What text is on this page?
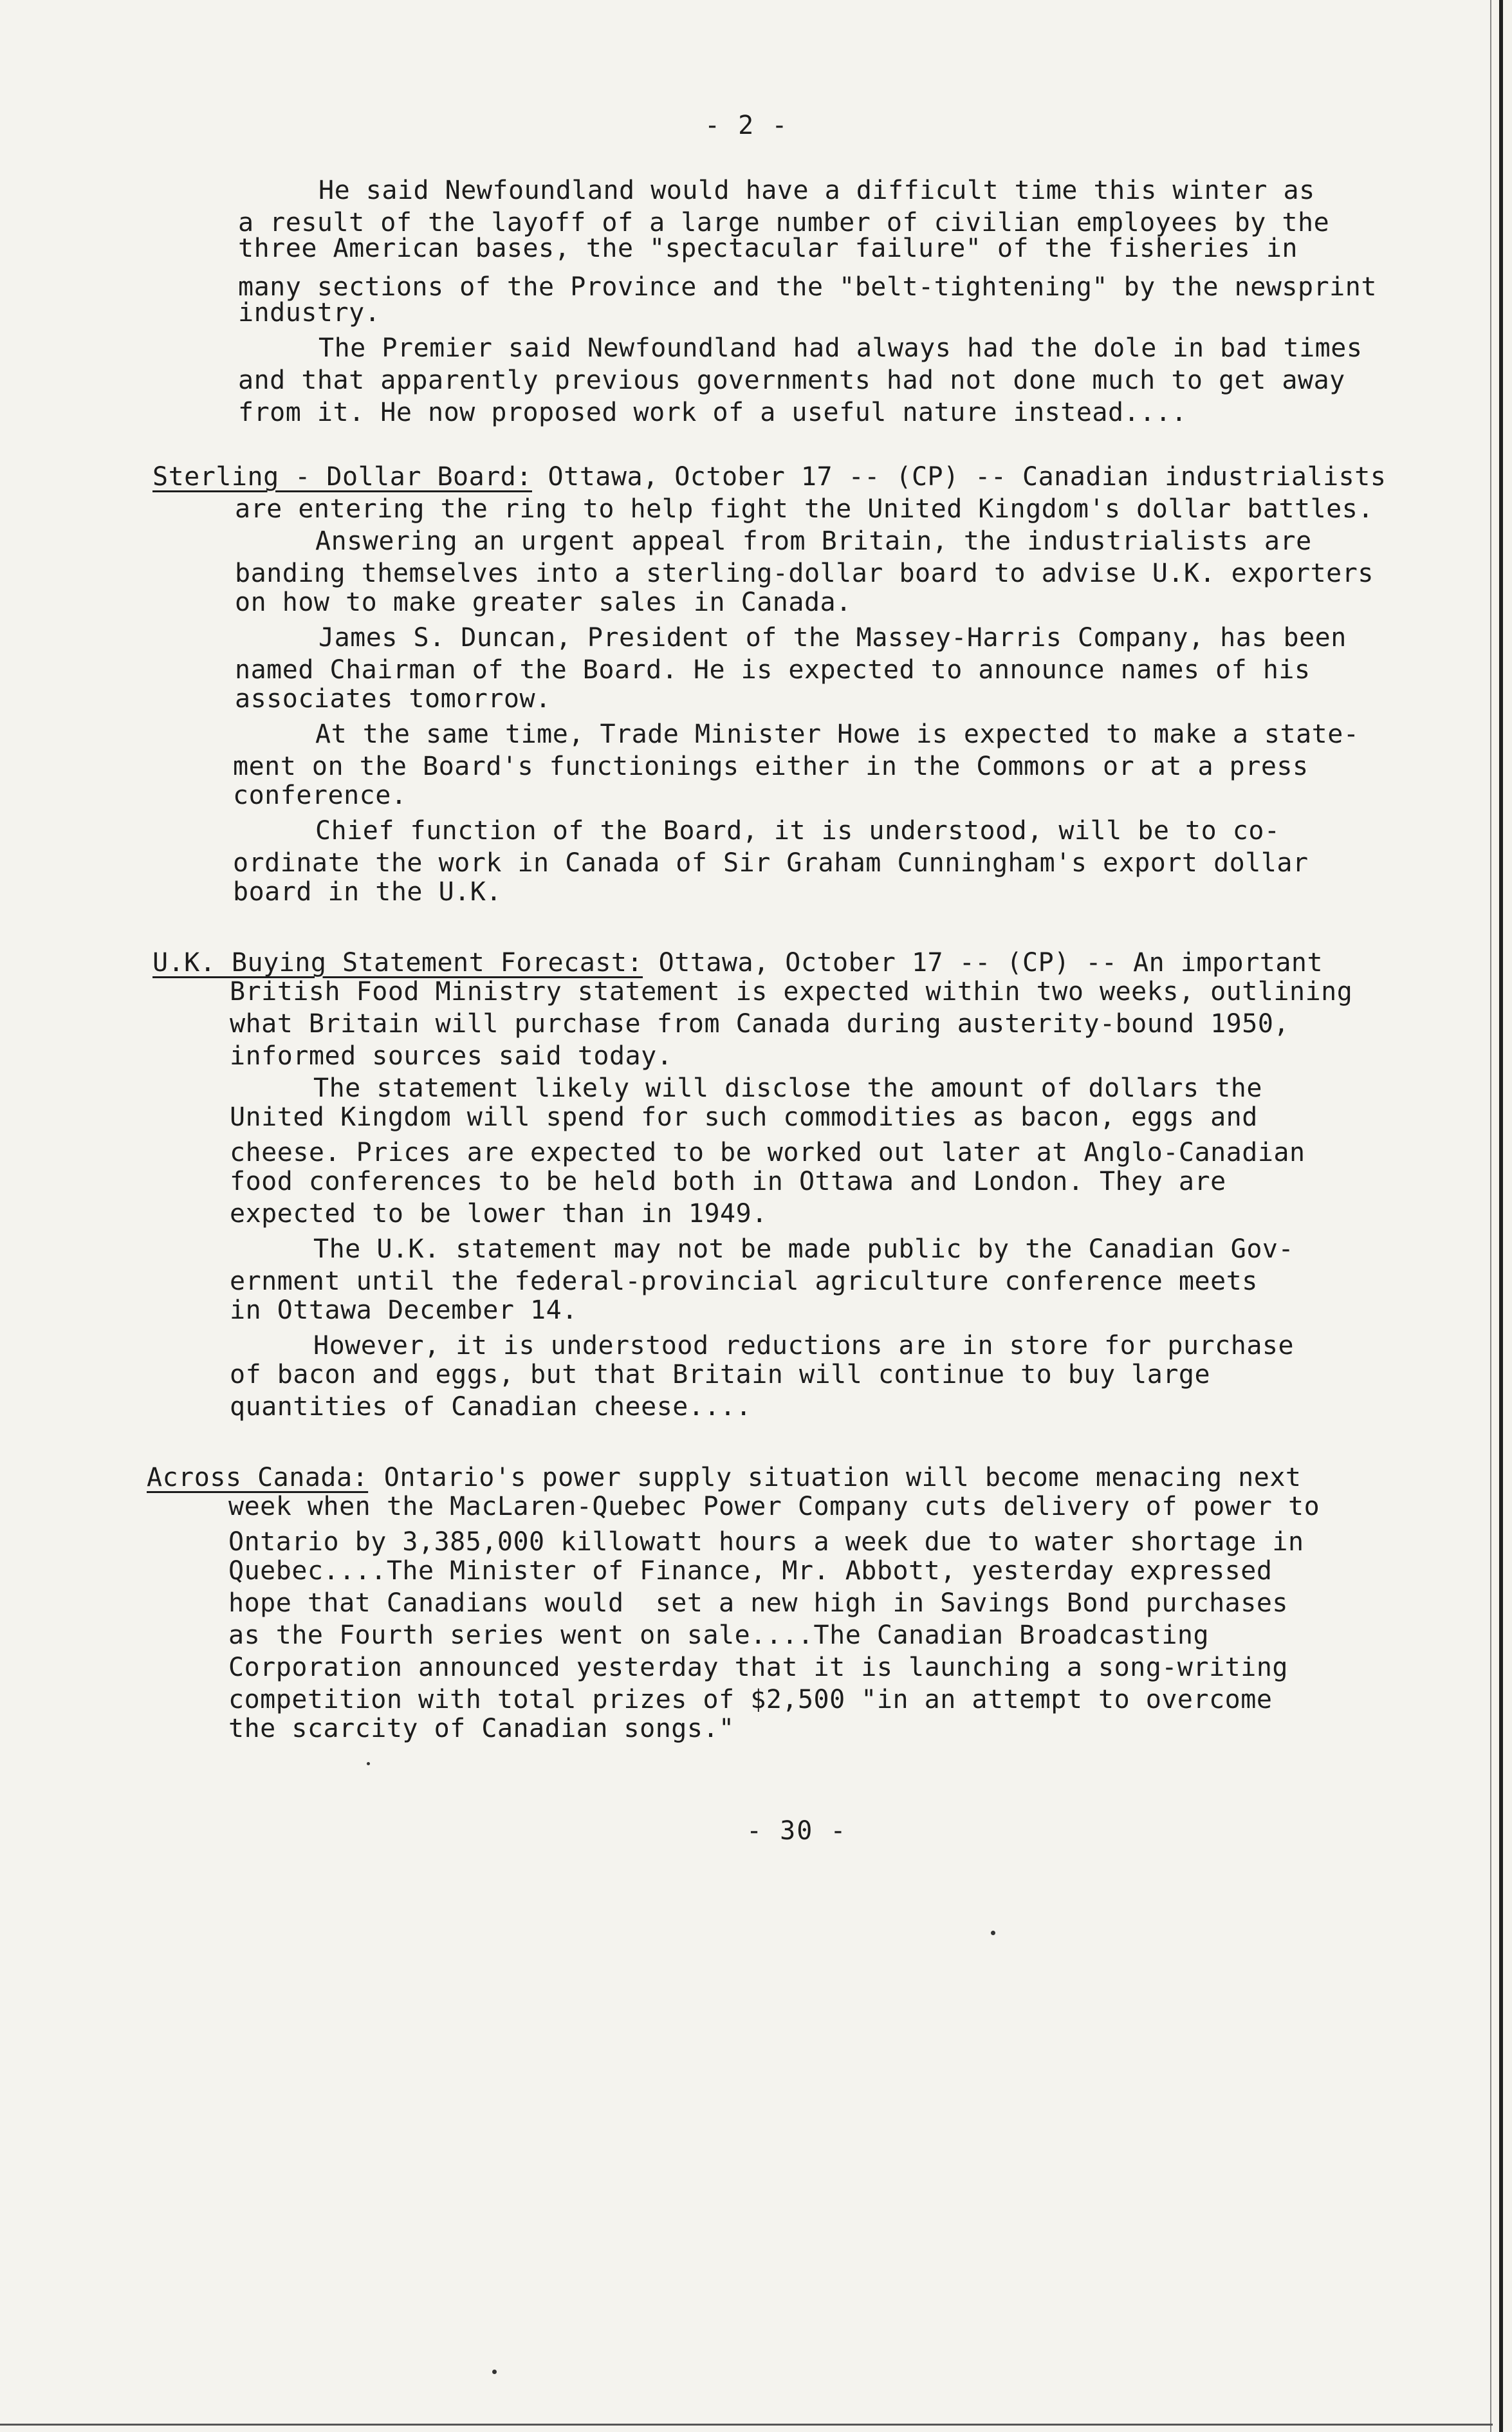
- 2 -
He said Newfoundland would have a difficult time this winter as
a result of the layoff of a large number of civilian employees by the
three American bases, the "spectacular failure" of the fisheries in
many sections of the Province and the "belt-tightening" by the newsprint
industry.
The Premier said Newfoundland had always had the dole in bad times
and that apparently previous governments had not done much to get away
from it. He now proposed work of a useful nature instead....
Sterling - Dollar Board: Ottawa, October 17 -- (CP) -- Canadian industrialists
are entering the ring to help fight the United Kingdom's dollar battles.
Answering an urgent appeal from Britain, the industrialists are
banding themselves into a sterling-dollar board to advise U.K. exporters
on how to make greater sales in Canada.
James S. Duncan, President of the Massey-Harris Company, has been
named Chairman of the Board. He is expected to announce names of his
associates tomorrow.
At the same time, Trade Minister Howe is expected to make a state-
ment on the Board's functionings either in the Commons or at a press
conference.
Chief function of the Board, it is understood, will be to co-
ordinate the work in Canada of Sir Graham Cunningham's export dollar
board in the U.K.
U.K. Buying Statement Forecast: Ottawa, October 17 -- (CP) -- An important
British Food Ministry statement is expected within two weeks, outlining
what Britain will purchase from Canada during austerity-bound 1950,
informed sources said today.
The statement likely will disclose the amount of dollars the
United Kingdom will spend for such commodities as bacon, eggs and
cheese. Prices are expected to be worked out later at Anglo-Canadian
food conferences to be held both in Ottawa and London. They are
expected to be lower than in 1949.
The U.K. statement may not be made public by the Canadian Gov-
ernment until the federal-provincial agriculture conference meets
in Ottawa December 14.
However, it is understood reductions are in store for purchase
of bacon and eggs, but that Britain will continue to buy large
quantities of Canadian cheese....
Across Canada: Ontario's power supply situation will become menacing next
week when the MacLaren-Quebec Power Company cuts delivery of power to
Ontario by 3,385,000 killowatt hours a week due to water shortage in
Quebec....The Minister of Finance, Mr. Abbott, yesterday expressed
hope that Canadians would  set a new high in Savings Bond purchases
as the Fourth series went on sale....The Canadian Broadcasting
Corporation announced yesterday that it is launching a song-writing
competition with total prizes of $2,500 "in an attempt to overcome
the scarcity of Canadian songs."
- 30 -
